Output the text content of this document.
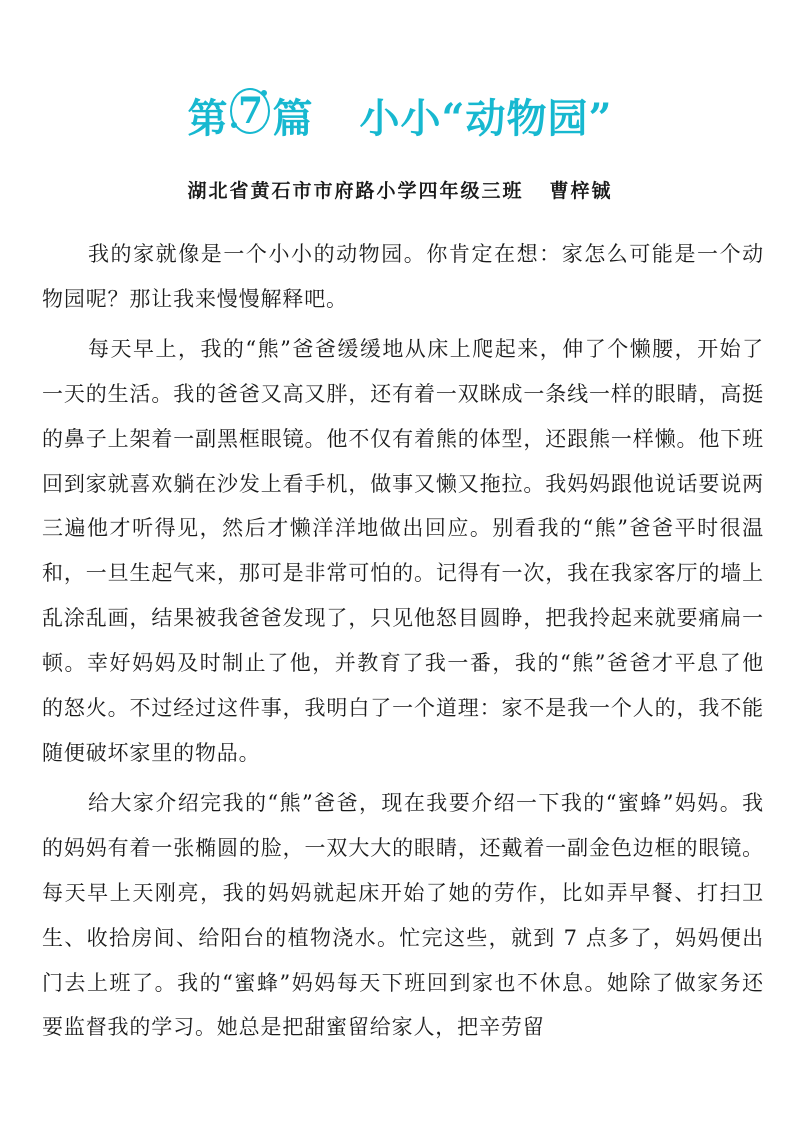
第 7 篇 小小“动物园”
湖北省黄石市市府路小学四年级三班 曹梓铖

我的家就像是一个小小的动物园。你肯定在想：家怎么可能是一个动物园呢？那让我来慢慢解释吧。

每天早上，我的“熊”爸爸缓缓地从床上爬起来，伸了个懒腰，开始了一天的生活。我的爸爸又高又胖，还有着一双眯成一条线一样的眼睛，高挺的鼻子上架着一副黑框眼镜。他不仅有着熊的体型，还跟熊一样懒。他下班回到家就喜欢躺在沙发上看手机，做事又懒又拖拉。我妈妈跟他说话要说两三遍他才听得见，然后才懒洋洋地做出回应。别看我的“熊”爸爸平时很温和，一旦生起气来，那可是非常可怕的。记得有一次，我在我家客厅的墙上乱涂乱画，结果被我爸爸发现了，只见他怒目圆睁，把我拎起来就要痛扁一顿。幸好妈妈及时制止了他，并教育了我一番，我的“熊”爸爸才平息了他的怒火。不过经过这件事，我明白了一个道理：家不是我一个人的，我不能随便破坏家里的物品。

给大家介绍完我的“熊”爸爸，现在我要介绍一下我的“蜜蜂”妈妈。我的妈妈有着一张椭圆的脸，一双大大的眼睛，还戴着一副金色边框的眼镜。每天早上天刚亮，我的妈妈就起床开始了她的劳作，比如弄早餐、打扫卫生、收拾房间、给阳台的植物浇水。忙完这些，就到 7 点多了，妈妈便出门去上班了。我的“蜜蜂”妈妈每天下班回到家也不休息。她除了做家务还要监督我的学习。她总是把甜蜜留给家人，把辛劳留
